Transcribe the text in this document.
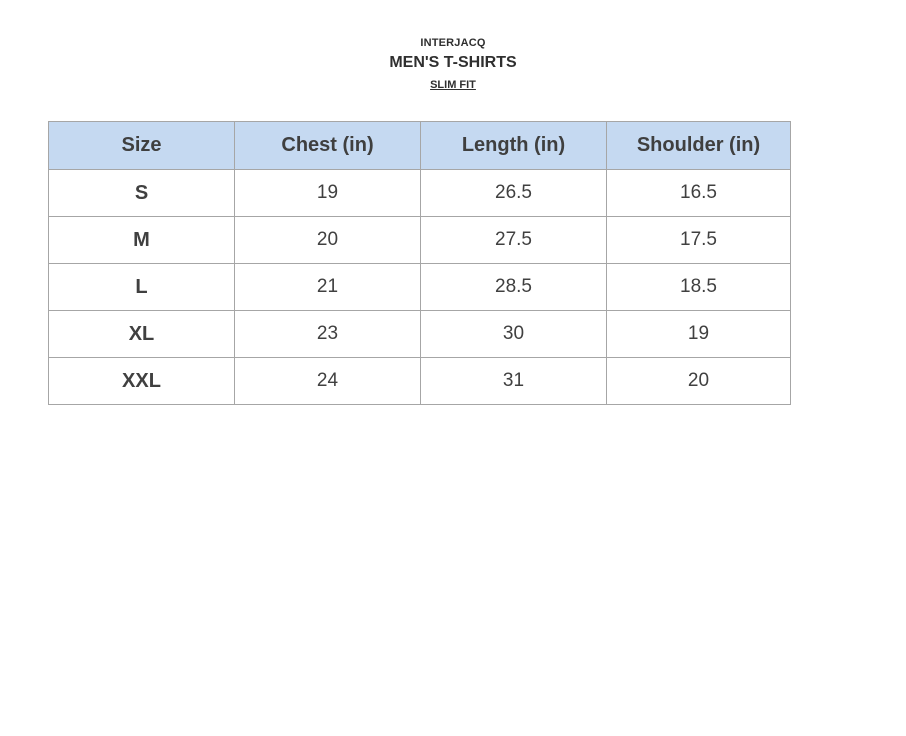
INTERJACQ
MEN'S T-SHIRTS
SLIM FIT
Size	Chest (in)	Length (in)	Shoulder (in)
S	19	26.5	16.5
M	20	27.5	17.5
L	21	28.5	18.5
XL	23	30	19
XXL	24	31	20
